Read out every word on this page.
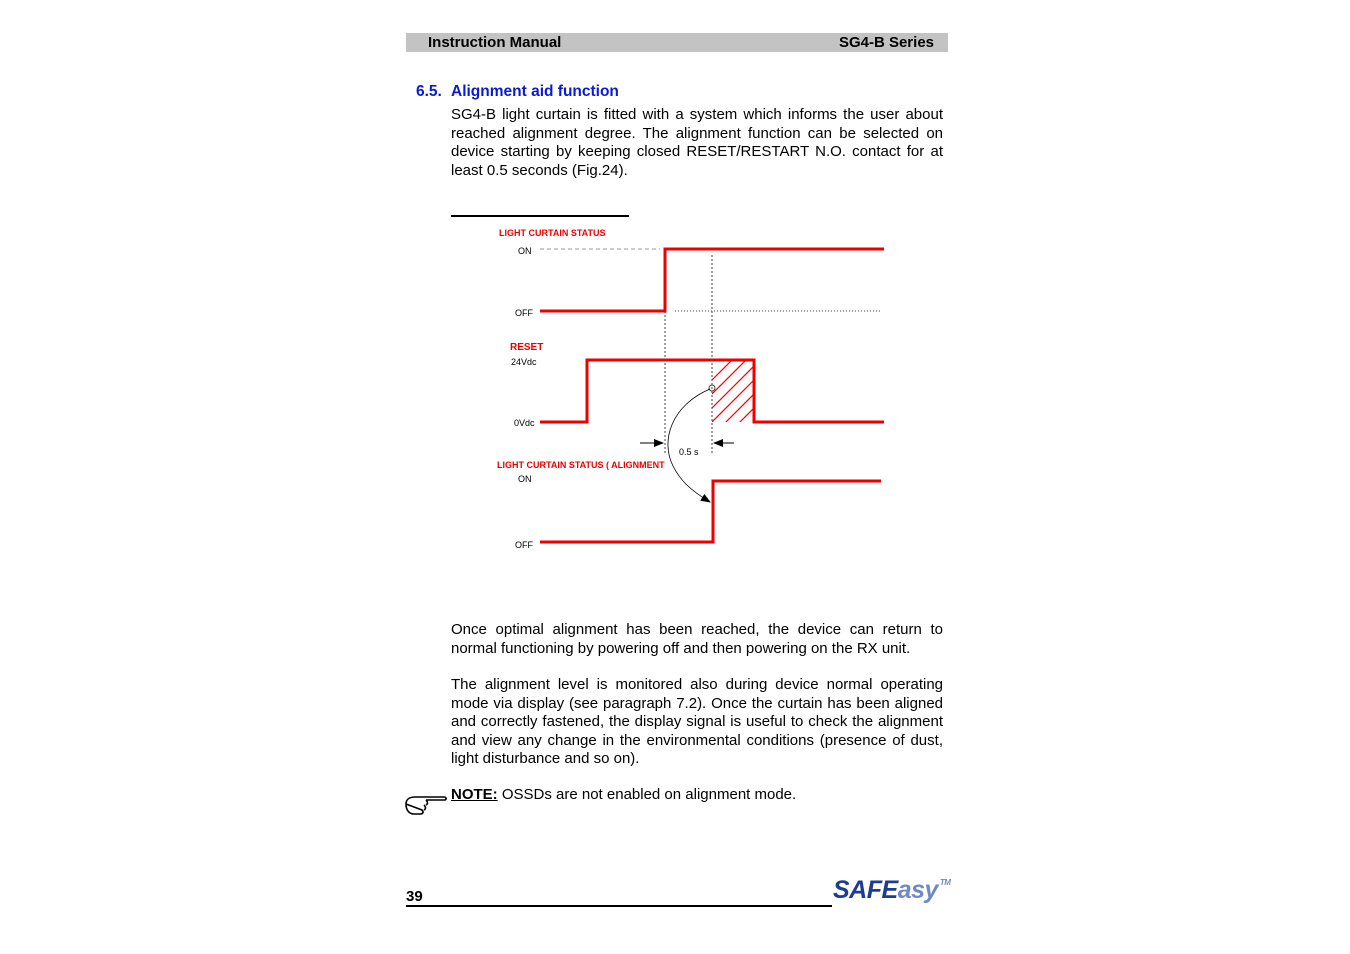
Instruction Manual	SG4-B Series
6.5. Alignment aid function
SG4-B light curtain is fitted with a system which informs the user about reached alignment degree. The alignment function can be selected on device starting by keeping closed RESET/RESTART N.O. contact for at least 0.5 seconds (Fig.24).
LIGHT CURTAIN STATUS
ON
OFF
RESET
24Vdc
0Vdc
0.5 s
LIGHT CURTAIN STATUS ( ALIGNMENT
ON
OFF
Once optimal alignment has been reached, the device can return to normal functioning by powering off and then powering on the RX unit.
The alignment level is monitored also during device normal operating mode via display (see paragraph 7.2). Once the curtain has been aligned and correctly fastened, the display signal is useful to check the alignment and view any change in the environmental conditions (presence of dust, light disturbance and so on).
NOTE: OSSDs are not enabled on alignment mode.
39	SAFEasy ™
